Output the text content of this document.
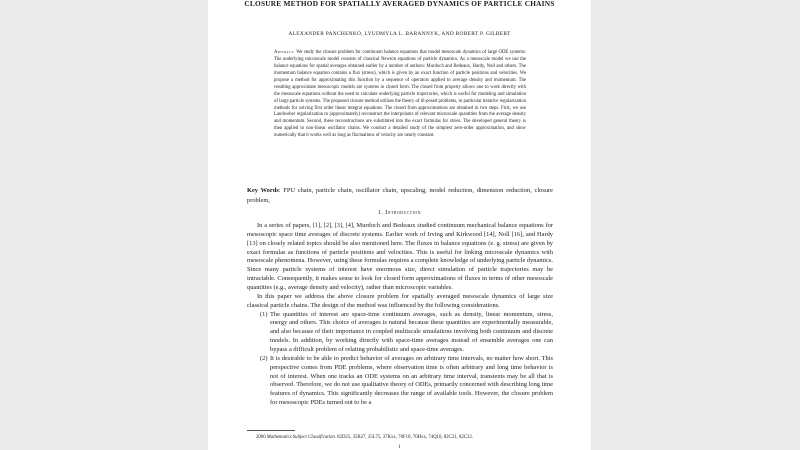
CLOSURE METHOD FOR SPATIALLY AVERAGED DYNAMICS OF PARTICLE CHAINS
ALEXANDER PANCHENKO, LYUDMYLA L. BARANNYK, AND ROBERT P. GILBERT

Abstract. We study the closure problem for continuum balance equations that model mesoscale dynamics of large ODE systems. The underlying microscale model consists of classical Newton equations of particle dynamics. As a mesoscale model we use the balance equations for spatial averages obtained earlier by a number of authors: Murdoch and Bedeaux, Hardy, Noll and others. The momentum balance equation contains a flux (stress), which is given by an exact function of particle positions and velocities. We propose a method for approximating this function by a sequence of operators applied to average density and momentum. The resulting approximate mesoscopic models are systems in closed form. The closed from property allows one to work directly with the mesoscale equations without the need to calculate underlying particle trajectories, which is useful for modeling and simulation of large particle systems. The proposed closure method utilizes the theory of ill-posed problems, in particular iterative regularization methods for solving first order linear integral equations. The closed from approximations are obtained in two steps. First, we use Landweber regularization to (approximately) reconstruct the interpolants of relevant microscale quantities from the average density and momentum. Second, these reconstructions are substituted into the exact formulas for stress. The developed general theory is then applied to non-linear oscillator chains. We conduct a detailed study of the simplest zero-order approximation, and show numerically that it works well as long as fluctuations of velocity are nearly constant.

Key Words: FPU chain, particle chain, oscillator chain, upscaling, model reduction, dimension reduction, closure problem,

1. Introduction

In a series of papers, [1], [2], [3], [4], Murdoch and Bedeaux studied continuum mechanical balance equations for mesoscopic space time averages of discrete systems. Earlier work of Irving and Kirkwood [14], Noll [16], and Hardy [13] on closely related topics should be also mentioned here. The fluxes in balance equations (e. g. stress) are given by exact formulas as functions of particle positions and velocities. This is useful for linking microscale dynamics with mesoscale phenomena. However, using these formulas requires a complete knowledge of underlying particle dynamics. Since many particle systems of interest have enormous size, direct simulation of particle trajectories may be intractable. Consequently, it makes sense to look for closed form approximations of fluxes in terms of other mesoscale quantities (e.g., average density and velocity), rather than microscopic variables.

In this paper we address the above closure problem for spatially averaged mesoscale dynamics of large size classical particle chains. The design of the method was influenced by the following considerations.

(1) The quantities of interest are space-time continuum averages, such as density, linear momentum, stress, energy and others. This choice of averages is natural because these quantities are experimentally measurable, and also because of their importance in coupled multiscale simulations involving both continuum and discrete models. In addition, by working directly with space-time averages instead of ensemble averages one can bypass a difficult problem of relating probabilistic and space-time averages.
(2) It is desirable to be able to predict behavior of averages on arbitrary time intervals, no matter how short. This perspective comes from PDE problems, where observation time is often arbitrary and long time behavior is not of interest. When one tracks an ODE systems on an arbitrary time interval, transients may be all that is observed. Therefore, we do not use qualitative theory of ODEs, primarily concerned with describing long time features of dynamics. This significantly decreases the range of available tools. However, the closure problem for mesoscopic PDEs turned out to be a
2000 Mathematics Subject Classification. 82D25, 35B27, 35L75, 37Kxx, 70F10, 70Hxx, 74Q10, 82C21, 82C22.
1
